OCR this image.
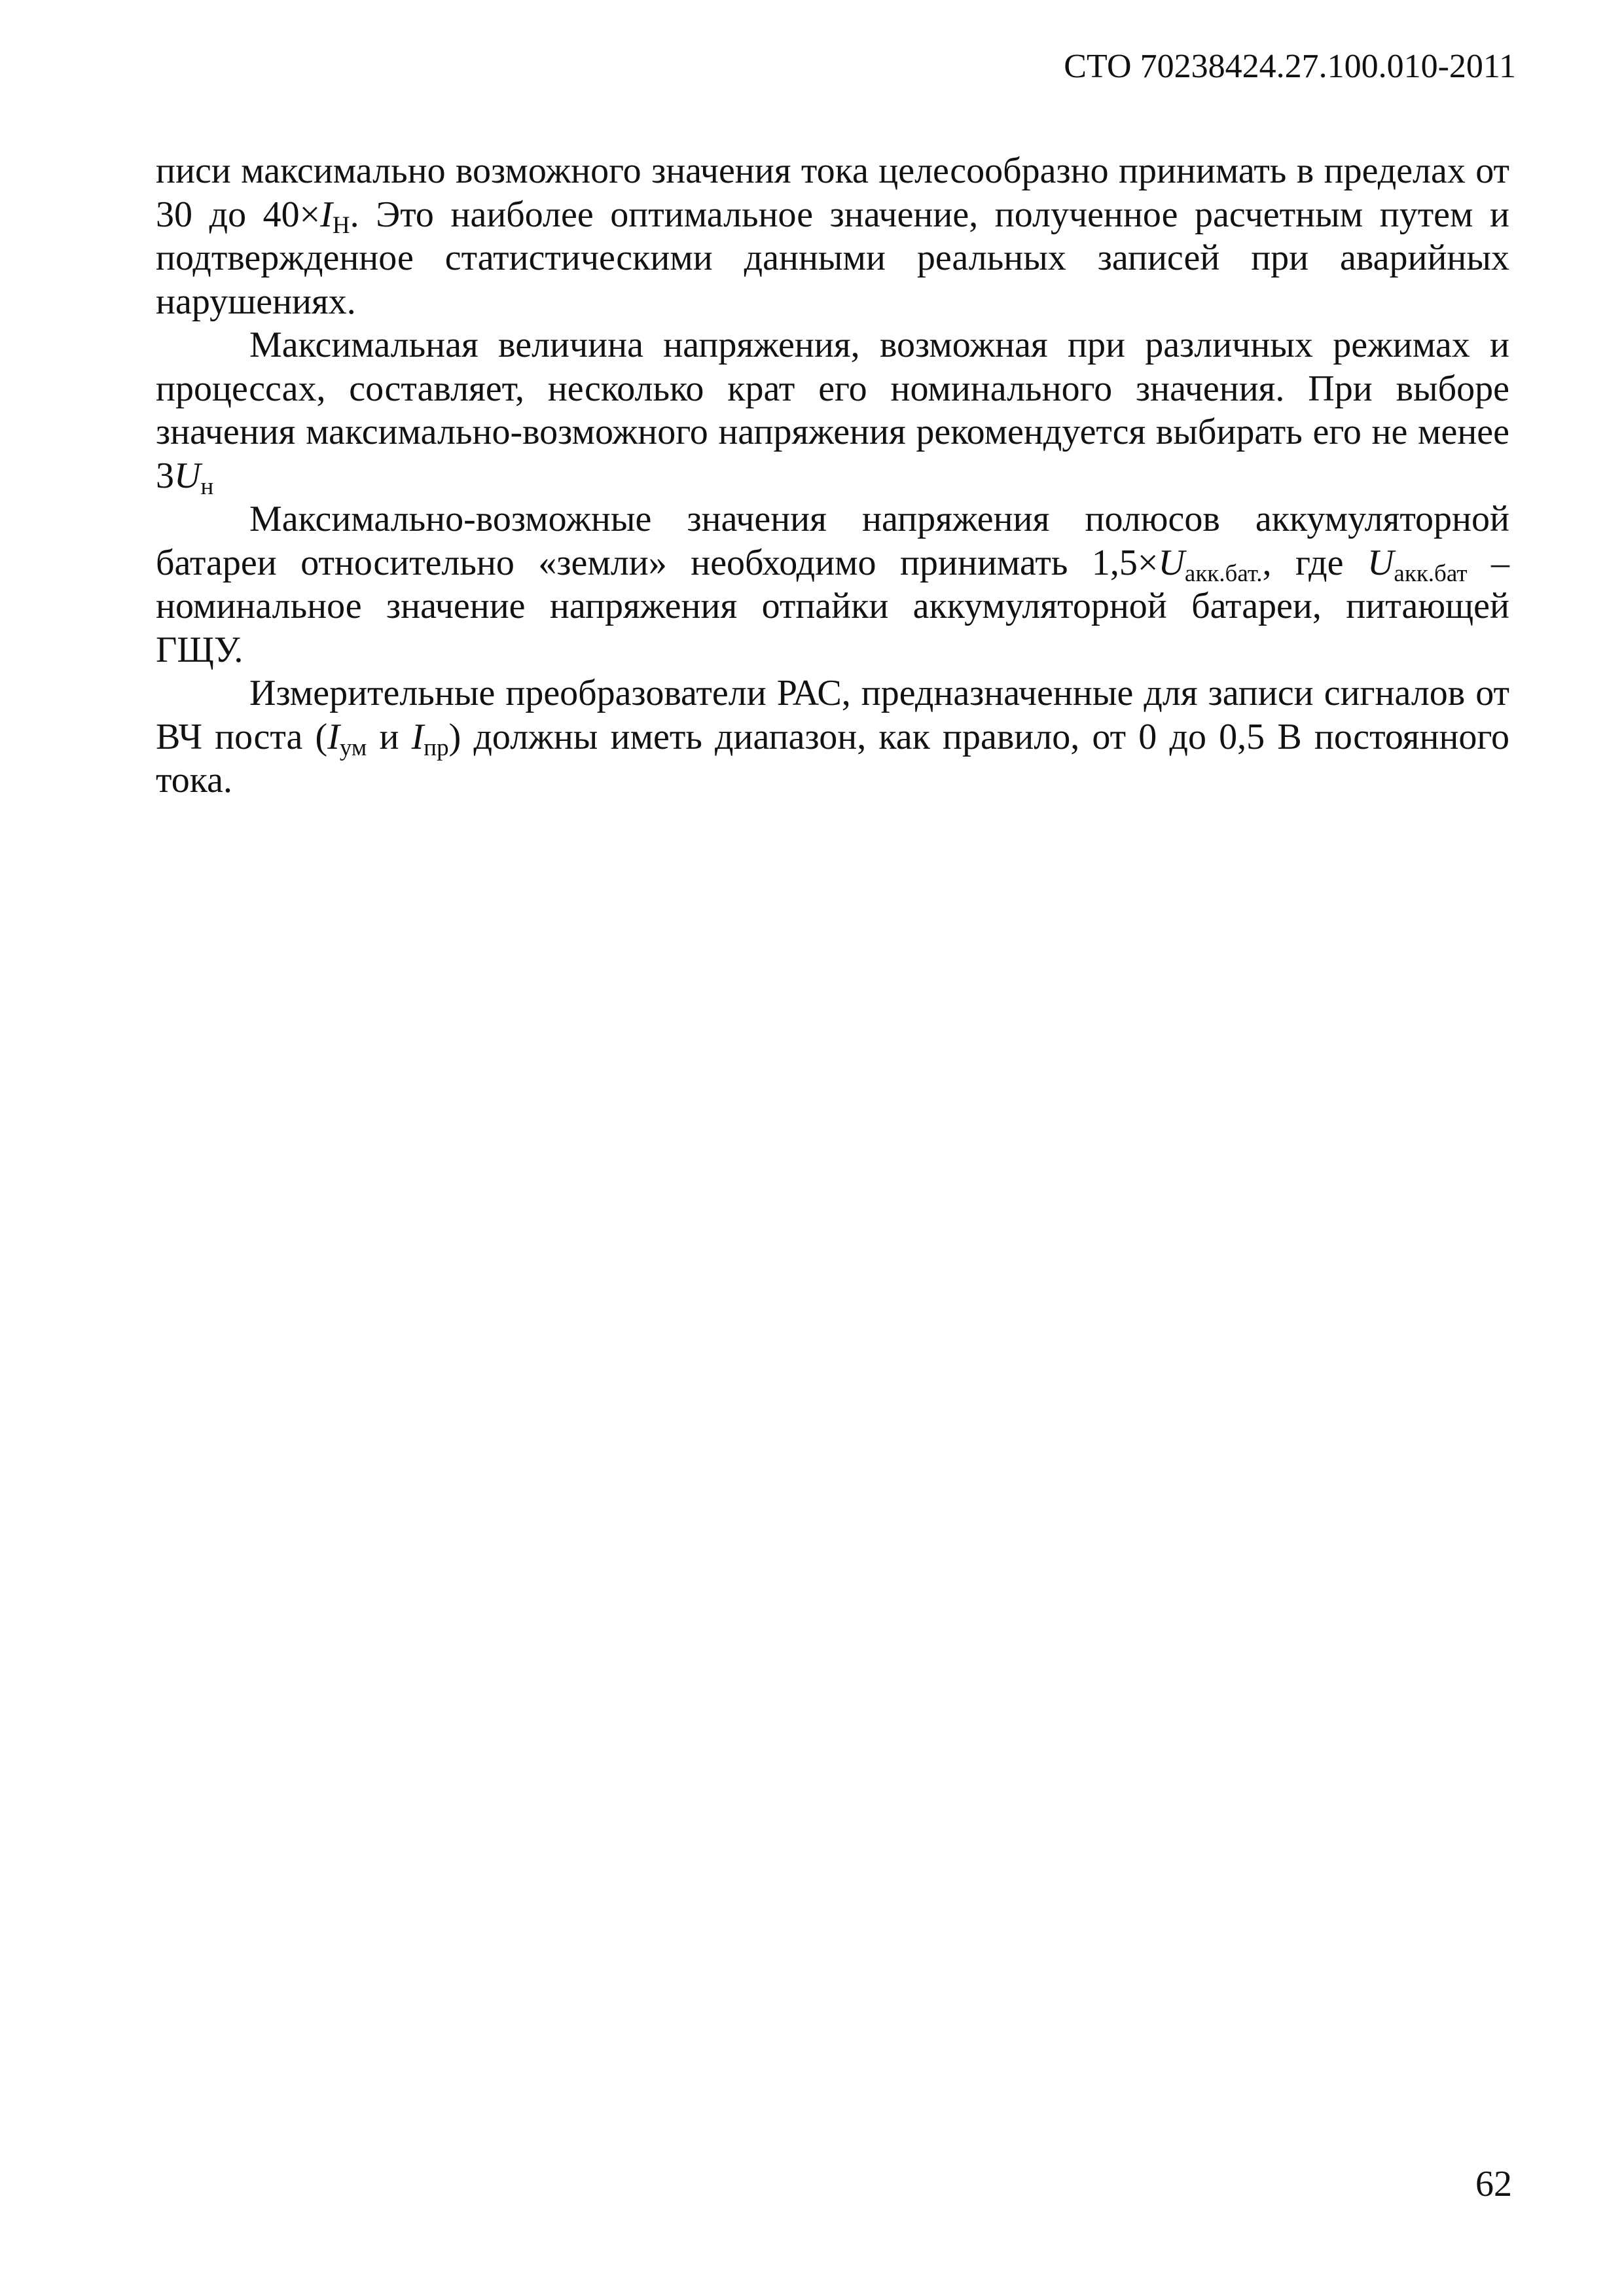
СТО 70238424.27.100.010-2011

писи максимально возможного значения тока целесообразно принимать в пределах от 30 до $40\times I_Н$. Это наиболее оптимальное значение, полученное расчетным путем и подтвержденное статистическими данными реальных записей при аварийных нарушениях.

Максимальная величина напряжения, возможная при различных режимах и процессах, составляет, несколько крат его номинального значения. При выборе значения максимально-возможного напряжения рекомендуется выбирать его не менее $3U_н$

Максимально-возможные значения напряжения полюсов аккумуляторной батареи относительно «земли» необходимо принимать $1,5\times U_{акк.бат.}$, где $U_{акк.бат}$ – номинальное значение напряжения отпайки аккумуляторной батареи, питающей ГЩУ.

Измерительные преобразователи РАС, предназначенные для записи сигналов от ВЧ поста ($I_{ум}$ и $I_{пр}$) должны иметь диапазон, как правило, от 0 до 0,5 В постоянного тока.

62
